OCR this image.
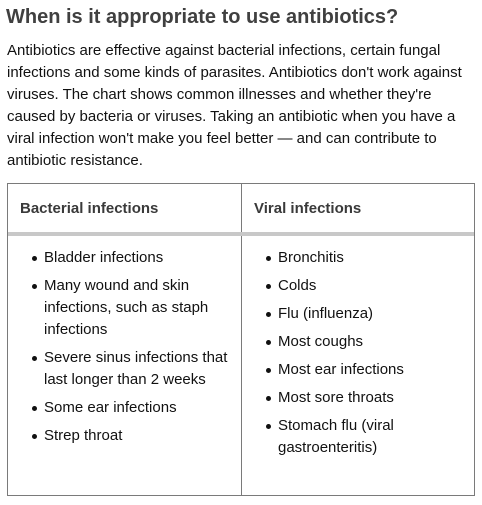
When is it appropriate to use antibiotics?

Antibiotics are effective against bacterial infections, certain fungal infections and some kinds of parasites. Antibiotics don't work against viruses. The chart shows common illnesses and whether they're caused by bacteria or viruses. Taking an antibiotic when you have a viral infection won't make you feel better — and can contribute to antibiotic resistance.

Bacterial infections	Viral infections
Bladder infections
Many wound and skin infections, such as staph infections
Severe sinus infections that last longer than 2 weeks
Some ear infections
Strep throat
Bronchitis
Colds
Flu (influenza)
Most coughs
Most ear infections
Most sore throats
Stomach flu (viral gastroenteritis)
